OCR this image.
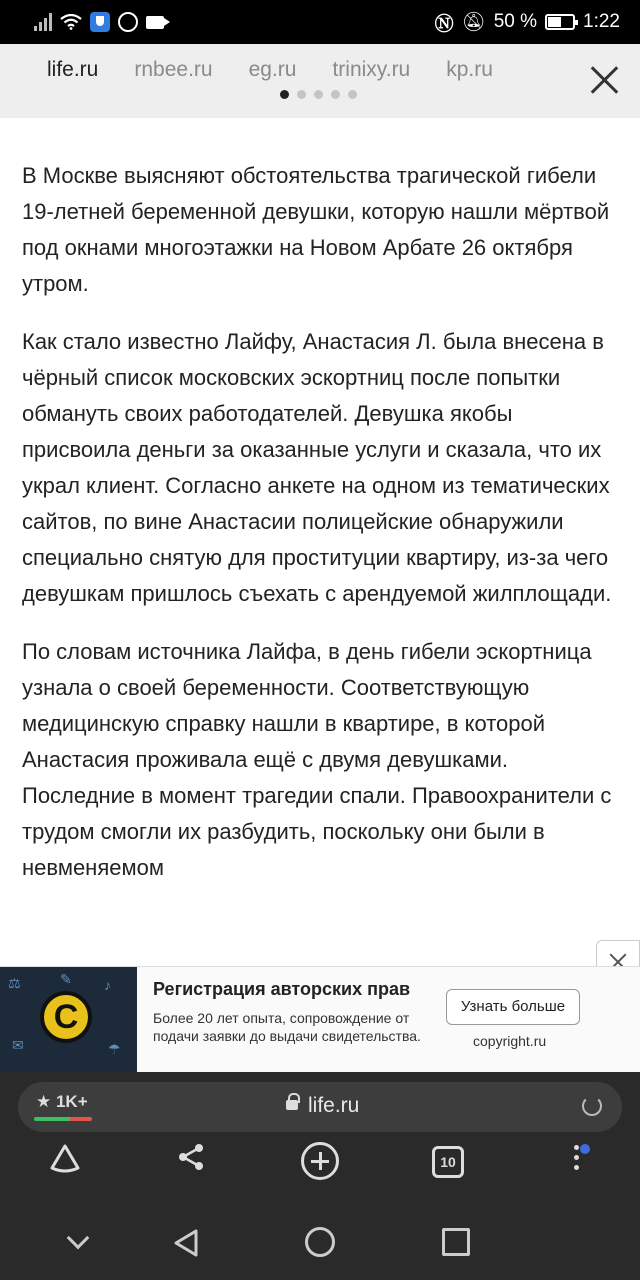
Ⓝ 🔕︎ 50 % 1:22
life.ru rnbee.ru eg.ru trinixy.ru kp.ru

В Москве выясняют обстоятельства трагической гибели 19-летней беременной девушки, которую нашли мёртвой под окнами многоэтажки на Новом Арбате 26 октября утром.

Как стало известно Лайфу, Анастасия Л. была внесена в чёрный список московских эскортниц после попытки обмануть своих работодателей. Девушка якобы присвоила деньги за оказанные услуги и сказала, что их украл клиент. Согласно анкете на одном из тематических сайтов, по вине Анастасии полицейские обнаружили специально снятую для проституции квартиру, из-за чего девушкам пришлось съехать с арендуемой жилплощади.

По словам источника Лайфа, в день гибели эскортница узнала о своей беременности. Соответствующую медицинскую справку нашли в квартире, в которой Анастасия проживала ещё с двумя девушками. Последние в момент трагедии спали. Правоохранители с трудом смогли их разбудить, поскольку они были в невменяемом

⚖	♪
✉	☂
✎
C
Регистрация авторских прав
Более 20 лет опыта, сопровождение от подачи заявки до выдачи свидетельства.
Узнать больше
copyright.ru
★ 1K+	life.ru
10
